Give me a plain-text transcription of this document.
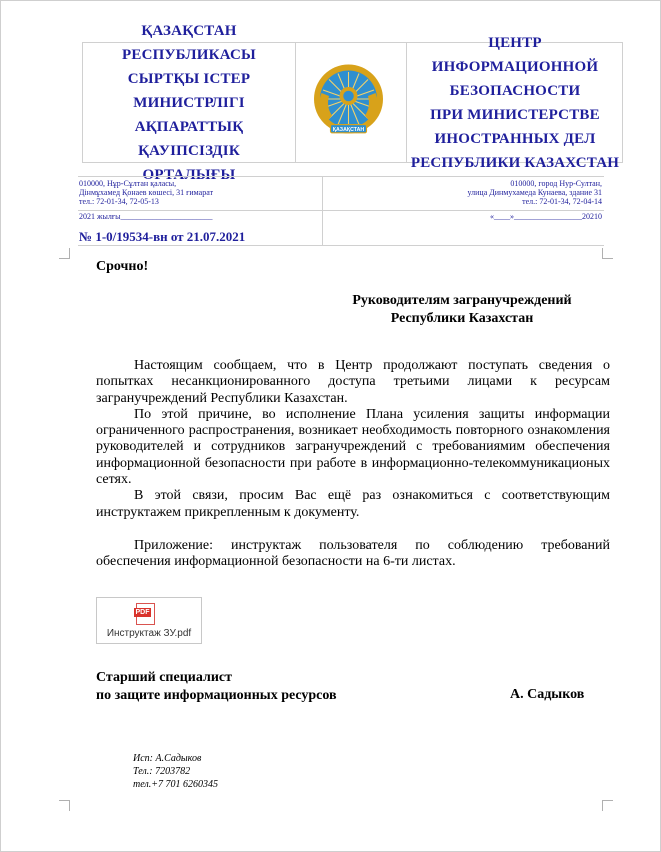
ҚАЗАҚСТАН РЕСПУБЛИКАСЫ
СЫРТҚЫ ІСТЕР
МИНИСТРЛІГІ
АҚПАРАТТЫҚ ҚАУІПСІЗДІК
ОРТАЛЫҒЫ
ҚАЗАҚСТАН
ЦЕНТР ИНФОРМАЦИОННОЙ
БЕЗОПАСНОСТИ
ПРИ МИНИСТЕРСТВЕ
ИНОСТРАННЫХ ДЕЛ
РЕСПУБЛИКИ КАЗАХСТАН
010000, Нұр-Сұлтан қаласы,
Дінмұхамед Қонаев көшесі, 31 ғимарат
тел.: 72-01-34, 72-05-13
010000, город Нур-Султан,
улица Динмухамеда Кунаева, здание 31
тел.: 72-01-34, 72-04-14
2021 жылғы_______________________	«____»_________________20210
№ 1-0/19534-вн от 21.07.2021
Срочно!
Руководителям загранучреждений
Республики Казахстан

Настоящим сообщаем, что в Центр продолжают поступать сведения о попытках несанкционированного доступа третьими лицами к ресурсам загранучреждений Республики Казахстан.

По этой причине, во исполнение Плана усиления защиты информации ограниченного распространения, возникает необходимость повторного ознакомления руководителей и сотрудников загранучреждений с требованиямим обеспечения информационной безопасности при работе в информационно-телекоммуникационых сетях.

В этой связи, просим Вас ещё раз ознакомиться с соответствующим инструктажем прикрепленным к документу.

Приложение: инструктаж пользователя по соблюдению требований обеспечения информационной безопасности на 6-ти листах.

PDF
Инструктаж ЗУ.pdf
Старший специалист
по защите информационных ресурсов	А. Садыков
Исп: А.Садыков
Тел.: 7203782
тел.+7 701 6260345
